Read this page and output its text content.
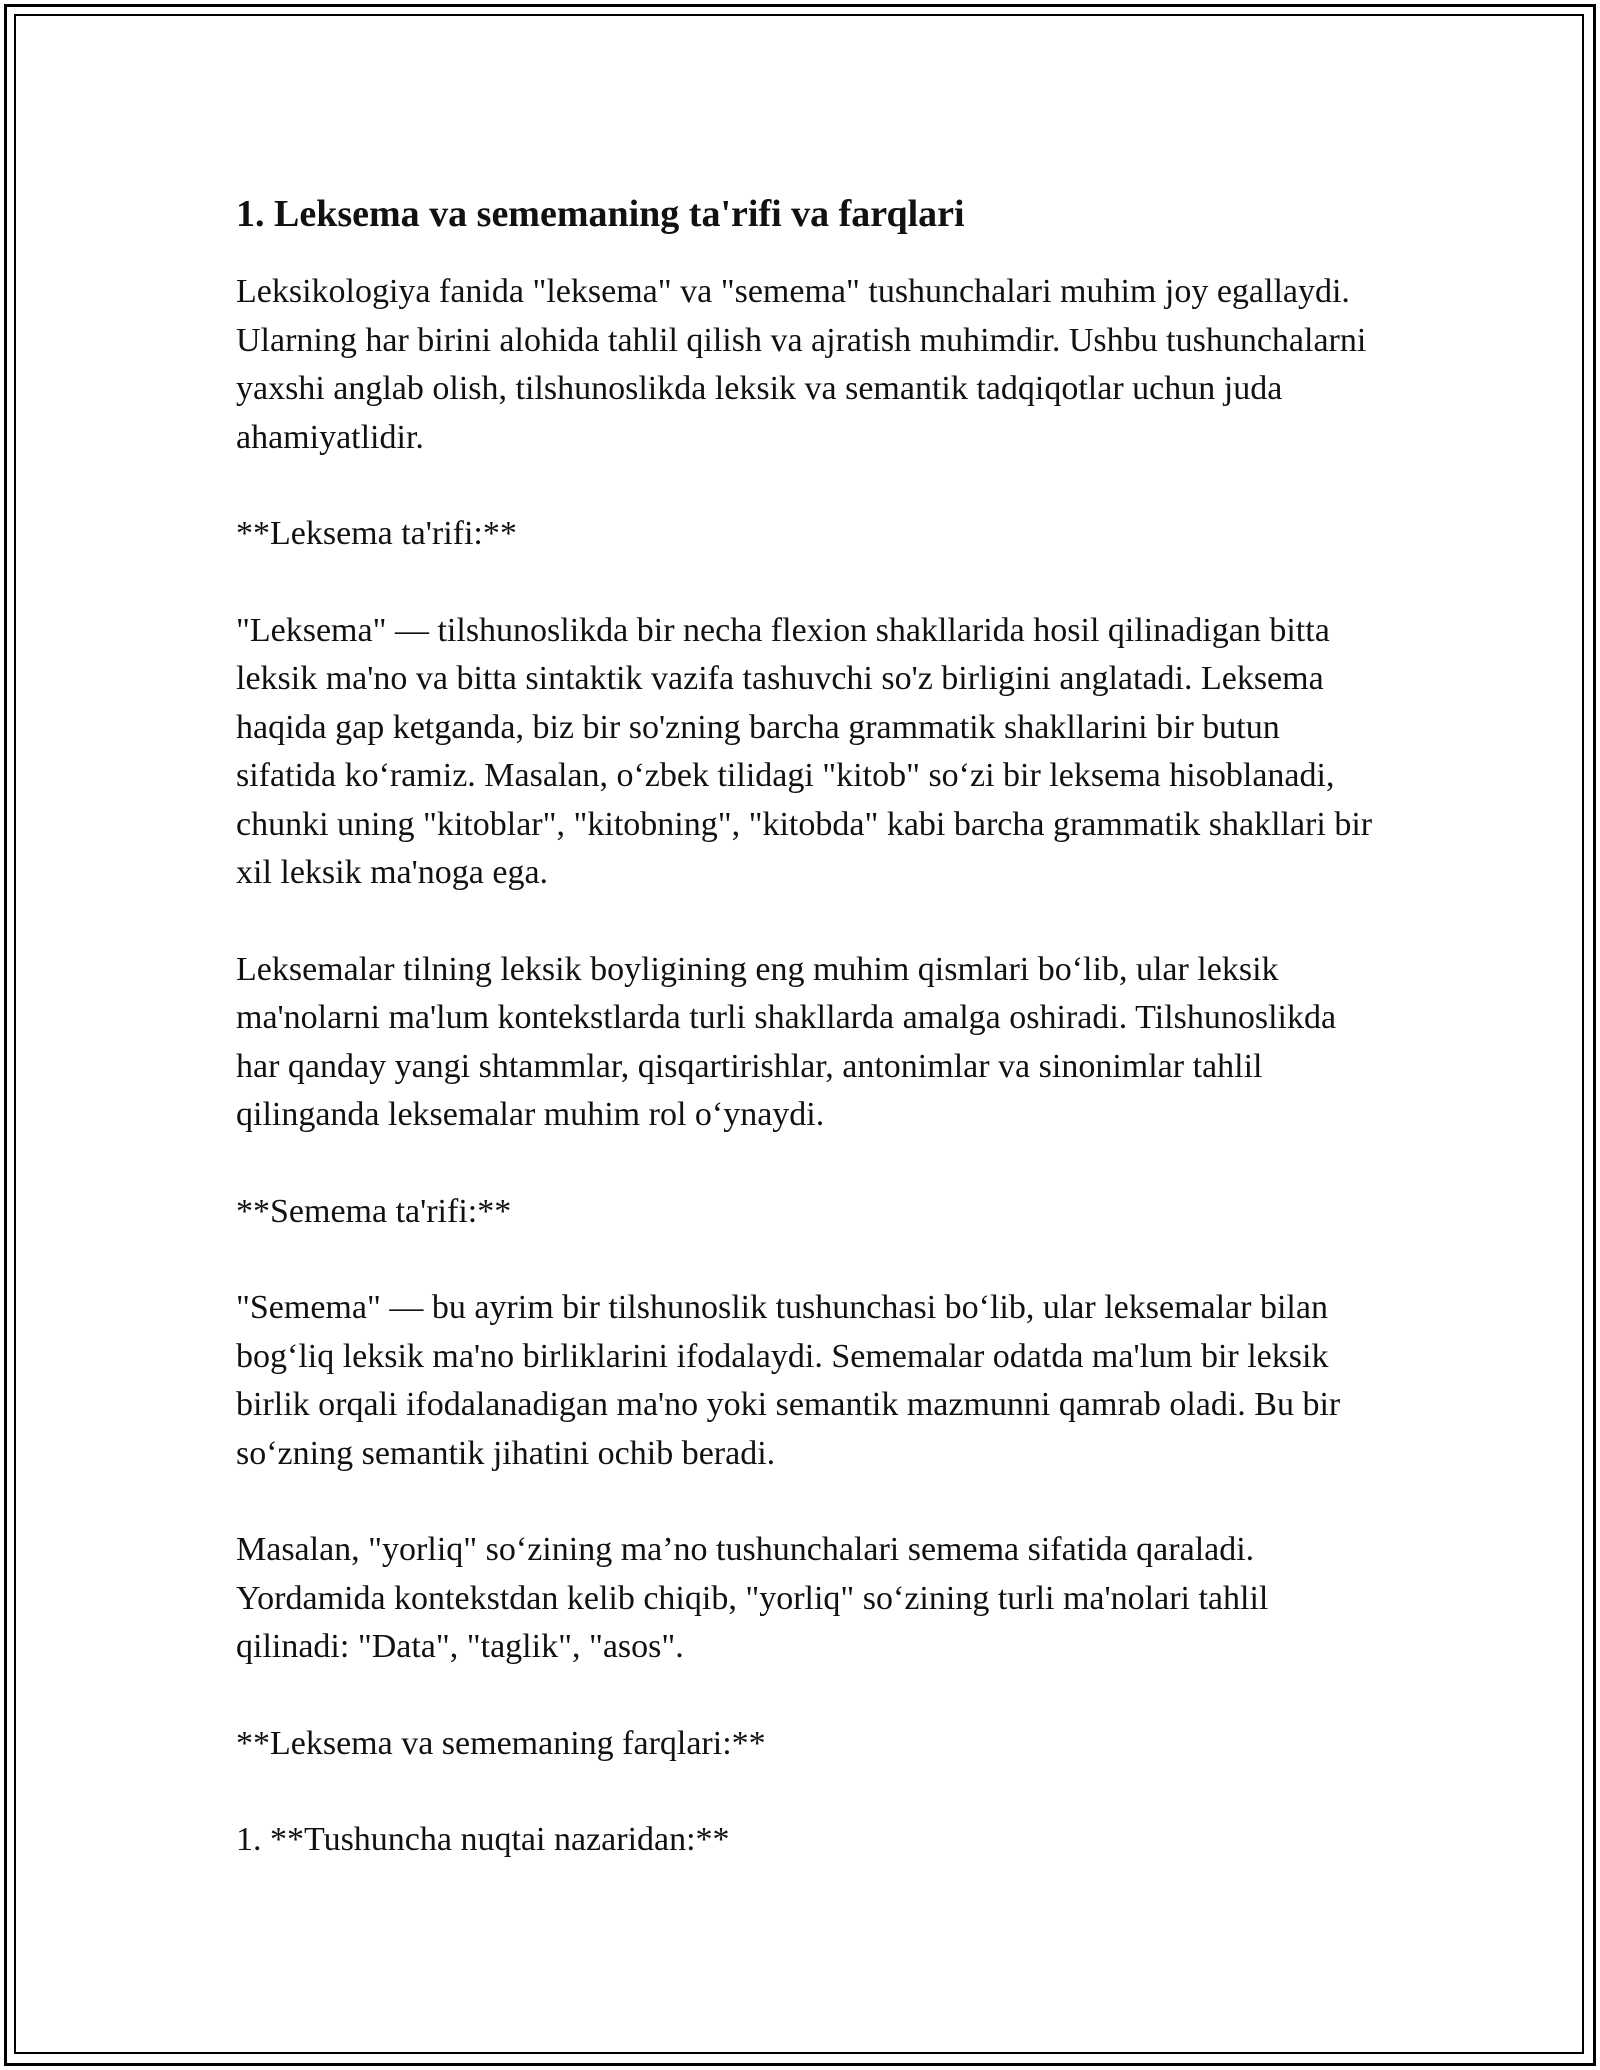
1. Leksema va sememaning ta'rifi va farqlari

Leksikologiya fanida "leksema" va "semema" tushunchalari muhim joy egallaydi. Ularning har birini alohida tahlil qilish va ajratish muhimdir. Ushbu tushunchalarni yaxshi anglab olish, tilshunoslikda leksik va semantik tadqiqotlar uchun juda ahamiyatlidir.

**Leksema ta'rifi:**

"Leksema" — tilshunoslikda bir necha flexion shakllarida hosil qilinadigan bitta leksik ma'no va bitta sintaktik vazifa tashuvchi so'z birligini anglatadi. Leksema haqida gap ketganda, biz bir so'zning barcha grammatik shakllarini bir butun sifatida ko‘ramiz. Masalan, o‘zbek tilidagi "kitob" so‘zi bir leksema hisoblanadi, chunki uning "kitoblar", "kitobning", "kitobda" kabi barcha grammatik shakllari bir xil leksik ma'noga ega.

Leksemalar tilning leksik boyligining eng muhim qismlari bo‘lib, ular leksik ma'nolarni ma'lum kontekstlarda turli shakllarda amalga oshiradi. Tilshunoslikda har qanday yangi shtammlar, qisqartirishlar, antonimlar va sinonimlar tahlil qilinganda leksemalar muhim rol o‘ynaydi.

**Semema ta'rifi:**

"Semema" — bu ayrim bir tilshunoslik tushunchasi bo‘lib, ular leksemalar bilan bog‘liq leksik ma'no birliklarini ifodalaydi. Sememalar odatda ma'lum bir leksik birlik orqali ifodalanadigan ma'no yoki semantik mazmunni qamrab oladi. Bu bir so‘zning semantik jihatini ochib beradi.

Masalan, "yorliq" so‘zining ma’no tushunchalari semema sifatida qaraladi. Yordamida kontekstdan kelib chiqib, "yorliq" so‘zining turli ma'nolari tahlil qilinadi: "Data", "taglik", "asos".

**Leksema va sememaning farqlari:**

1. **Tushuncha nuqtai nazaridan:**
